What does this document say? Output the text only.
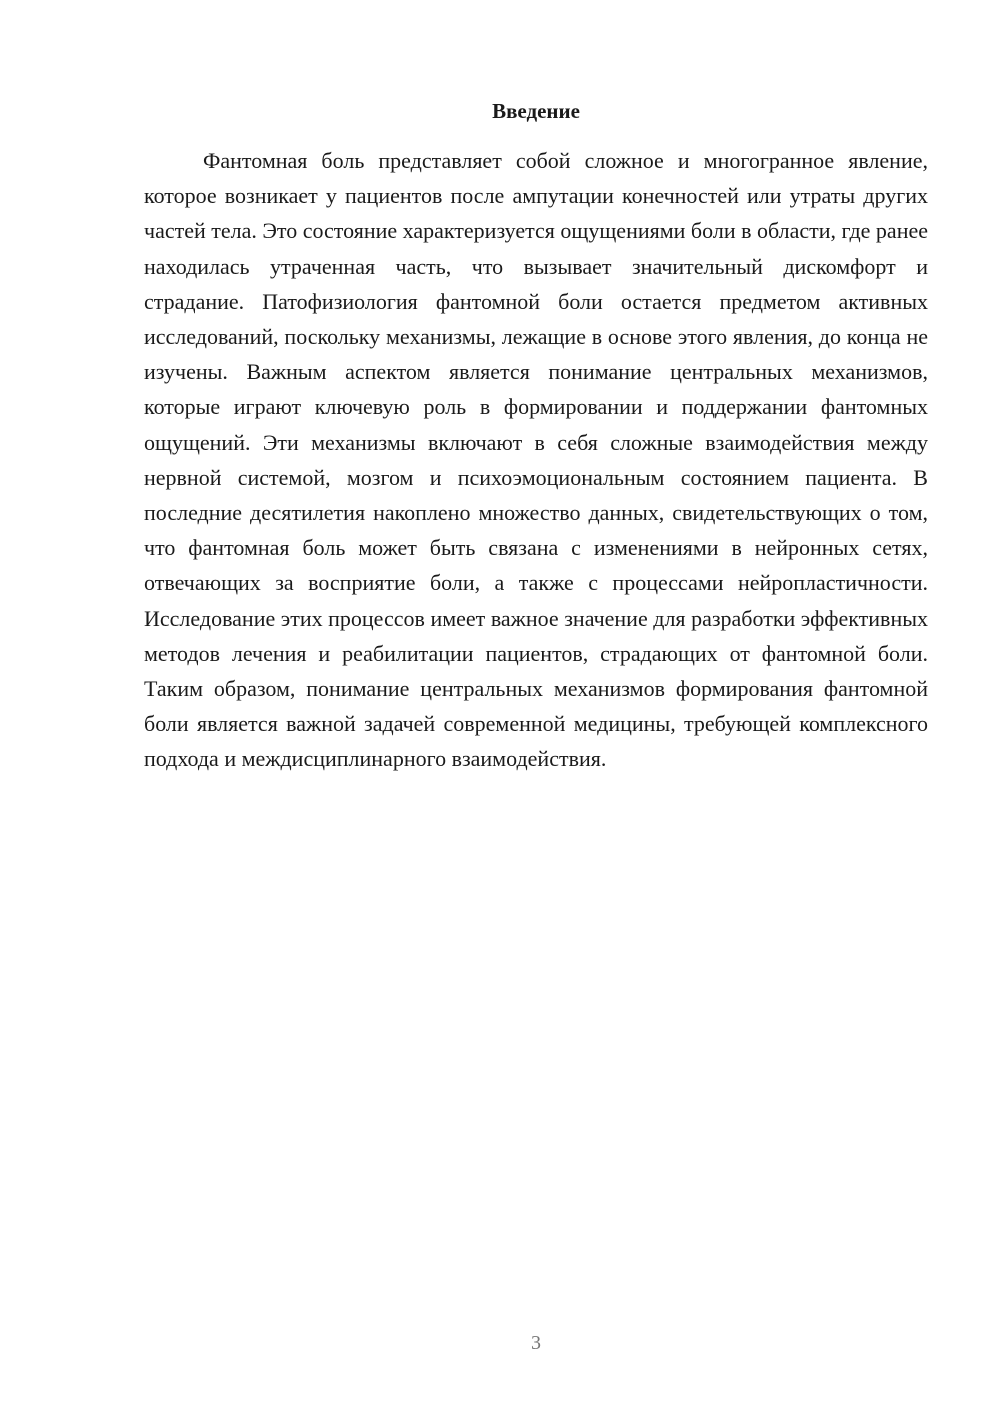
Введение

Фантомная боль представляет собой сложное и многогранное явление, которое возникает у пациентов после ампутации конечностей или утраты других частей тела. Это состояние характеризуется ощущениями боли в области, где ранее находилась утраченная часть, что вызывает значительный дискомфорт и страдание. Патофизиология фантомной боли остается предметом активных исследований, поскольку механизмы, лежащие в основе этого явления, до конца не изучены. Важным аспектом является понимание центральных механизмов, которые играют ключевую роль в формировании и поддержании фантомных ощущений. Эти механизмы включают в себя сложные взаимодействия между нервной системой, мозгом и психоэмоциональным состоянием пациента. В последние десятилетия накоплено множество данных, свидетельствующих о том, что фантомная боль может быть связана с изменениями в нейронных сетях, отвечающих за восприятие боли, а также с процессами нейропластичности. Исследование этих процессов имеет важное значение для разработки эффективных методов лечения и реабилитации пациентов, страдающих от фантомной боли. Таким образом, понимание центральных механизмов формирования фантомной боли является важной задачей современной медицины, требующей комплексного подхода и междисциплинарного взаимодействия.

3
